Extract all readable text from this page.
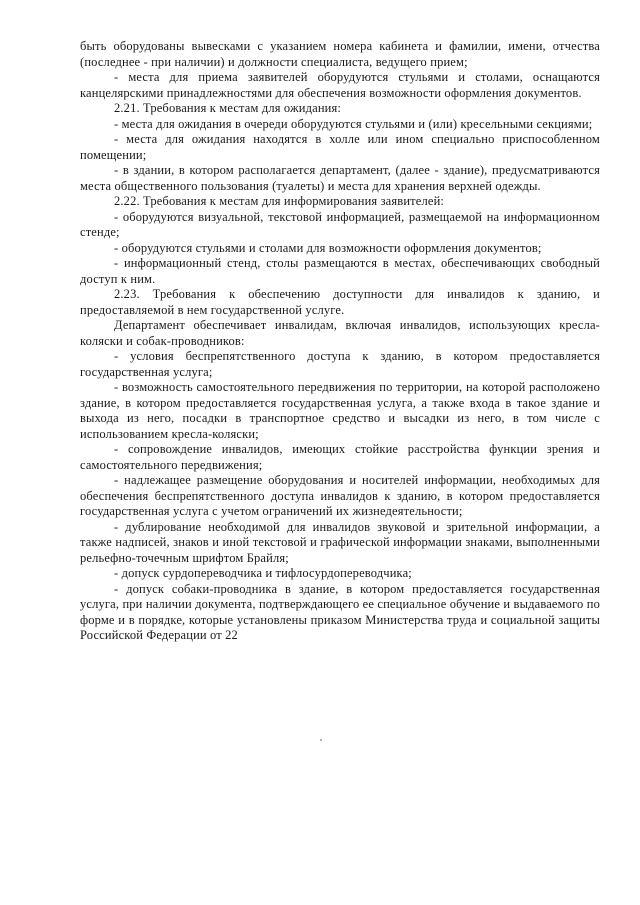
быть оборудованы вывесками с указанием номера кабинета и фамилии, имени, отчества (последнее - при наличии) и должности специалиста, ведущего прием;

- места для приема заявителей оборудуются стульями и столами, оснащаются канцелярскими принадлежностями для обеспечения возможности оформления документов.

2.21. Требования к местам для ожидания:

- места для ожидания в очереди оборудуются стульями и (или) кресельными секциями;

- места для ожидания находятся в холле или ином специально приспособленном помещении;

- в здании, в котором располагается департамент, (далее - здание), предусматриваются места общественного пользования (туалеты) и места для хранения верхней одежды.

2.22. Требования к местам для информирования заявителей:

- оборудуются визуальной, текстовой информацией, размещаемой на информационном стенде;

- оборудуются стульями и столами для возможности оформления документов;

- информационный стенд, столы размещаются в местах, обеспечивающих свободный доступ к ним.

2.23. Требования к обеспечению доступности для инвалидов к зданию, и предоставляемой в нем государственной услуге.

Департамент обеспечивает инвалидам, включая инвалидов, использующих кресла-коляски и собак-проводников:

- условия беспрепятственного доступа к зданию, в котором предоставляется государственная услуга;

- возможность самостоятельного передвижения по территории, на которой расположено здание, в котором предоставляется государственная услуга, а также входа в такое здание и выхода из него, посадки в транспортное средство и высадки из него, в том числе с использованием кресла-коляски;

- сопровождение инвалидов, имеющих стойкие расстройства функции зрения и самостоятельного передвижения;

- надлежащее размещение оборудования и носителей информации, необходимых для обеспечения беспрепятственного доступа инвалидов к зданию, в котором предоставляется государственная услуга с учетом ограничений их жизнедеятельности;

- дублирование необходимой для инвалидов звуковой и зрительной информации, а также надписей, знаков и иной текстовой и графической информации знаками, выполненными рельефно-точечным шрифтом Брайля;

- допуск сурдопереводчика и тифлосурдопереводчика;

- допуск собаки-проводника в здание, в котором предоставляется государственная услуга, при наличии документа, подтверждающего ее специальное обучение и выдаваемого по форме и в порядке, которые установлены приказом Министерства труда и социальной защиты Российской Федерации от 22
